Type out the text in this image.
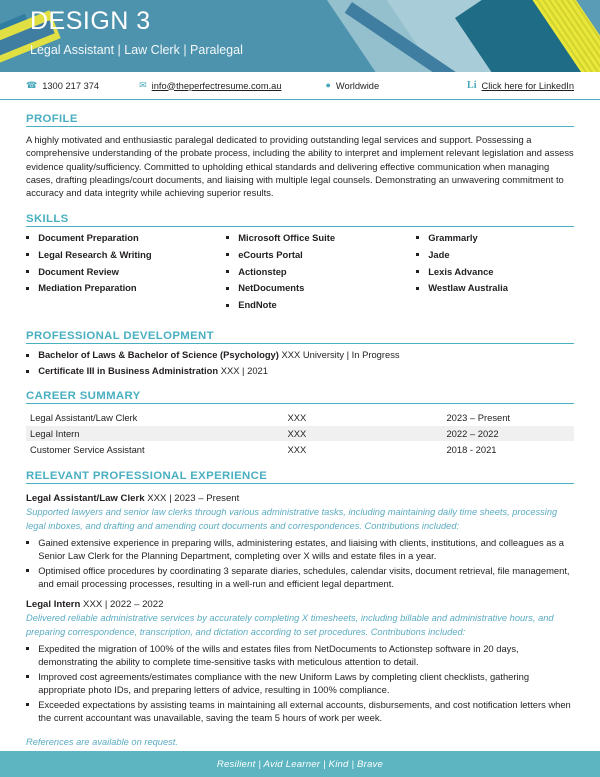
DESIGN 3
Legal Assistant | Law Clerk | Paralegal
☎ 1300 217 374	✉ info@theperfectresume.com.au	● Worldwide	Li Click here for LinkedIn
PROFILE
A highly motivated and enthusiastic paralegal dedicated to providing outstanding legal services and support. Possessing a comprehensive understanding of the probate process, including the ability to interpret and implement relevant legislation and assess evidence quality/sufficiency. Committed to upholding ethical standards and delivering effective communication when managing cases, drafting pleadings/court documents, and liaising with multiple legal counsels. Demonstrating an unwavering commitment to accuracy and data integrity while achieving superior results.
SKILLS
Document Preparation
Legal Research & Writing
Document Review
Mediation Preparation
Microsoft Office Suite
eCourts Portal
Actionstep
NetDocuments
EndNote
Grammarly
Jade
Lexis Advance
Westlaw Australia
PROFESSIONAL DEVELOPMENT
Bachelor of Laws & Bachelor of Science (Psychology) XXX University | In Progress
Certificate III in Business Administration XXX | 2021
CAREER SUMMARY
Legal Assistant/Law Clerk	XXX	2023 – Present
Legal Intern	XXX	2022 – 2022
Customer Service Assistant	XXX	2018 - 2021
RELEVANT PROFESSIONAL EXPERIENCE
Legal Assistant/Law Clerk XXX | 2023 – Present
Supported lawyers and senior law clerks through various administrative tasks, including maintaining daily time sheets, processing legal inboxes, and drafting and amending court documents and correspondences. Contributions included:
Gained extensive experience in preparing wills, administering estates, and liaising with clients, institutions, and colleagues as a Senior Law Clerk for the Planning Department, completing over X wills and estate files in a year.
Optimised office procedures by coordinating 3 separate diaries, schedules, calendar visits, document retrieval, file management, and email processing processes, resulting in a well-run and efficient legal department.
Legal Intern XXX | 2022 – 2022
Delivered reliable administrative services by accurately completing X timesheets, including billable and administrative hours, and preparing correspondence, transcription, and dictation according to set procedures. Contributions included:
Expedited the migration of 100% of the wills and estates files from NetDocuments to Actionstep software in 20 days, demonstrating the ability to complete time-sensitive tasks with meticulous attention to detail.
Improved cost agreements/estimates compliance with the new Uniform Laws by completing client checklists, gathering appropriate photo IDs, and preparing letters of advice, resulting in 100% compliance.
Exceeded expectations by assisting teams in maintaining all external accounts, disbursements, and cost notification letters when the current accountant was unavailable, saving the team 5 hours of work per week.
References are available on request.
Resilient | Avid Learner | Kind | Brave
